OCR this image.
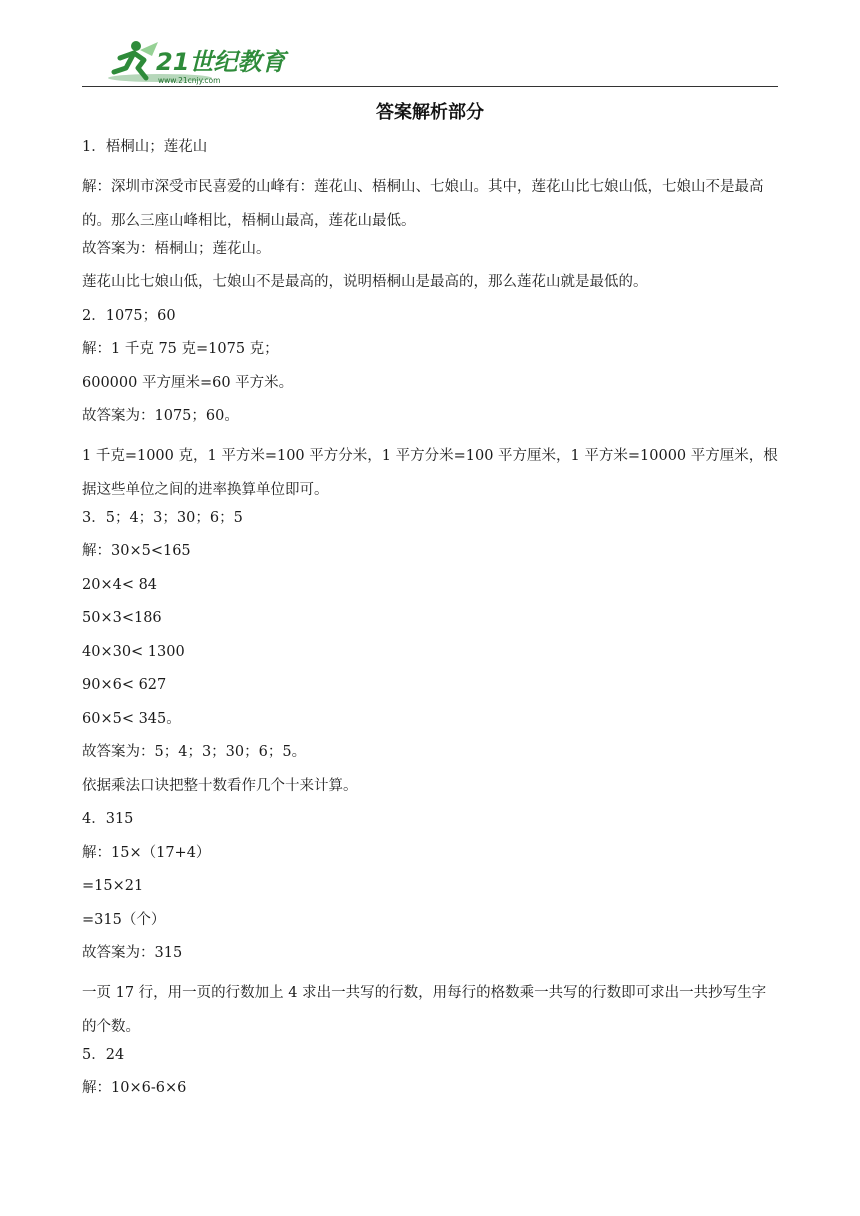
21世纪教育
www.21cnjy.com
答案解析部分
1．梧桐山；莲花山
解：深圳市深受市民喜爱的山峰有：莲花山、梧桐山、七娘山。其中，莲花山比七娘山低，七娘山不是最高的。那么三座山峰相比，梧桐山最高，莲花山最低。
故答案为：梧桐山；莲花山。
莲花山比七娘山低，七娘山不是最高的，说明梧桐山是最高的，那么莲花山就是最低的。
2．1075；60
解：1 千克 75 克=1075 克；
600000 平方厘米=60 平方米。
故答案为：1075；60。
1 千克=1000 克，1 平方米=100 平方分米，1 平方分米=100 平方厘米，1 平方米=10000 平方厘米，根据这些单位之间的进率换算单位即可。
3．5；4；3；30；6；5
解：30×5<165
20×4< 84
50×3<186
40×30< 1300
90×6< 627
60×5< 345。
故答案为：5；4；3；30；6；5。
依据乘法口诀把整十数看作几个十来计算。
4．315
解：15×（17+4）
=15×21
=315（个）
故答案为：315
一页 17 行，用一页的行数加上 4 求出一共写的行数，用每行的格数乘一共写的行数即可求出一共抄写生字的个数。
5．24
解：10×6-6×6
